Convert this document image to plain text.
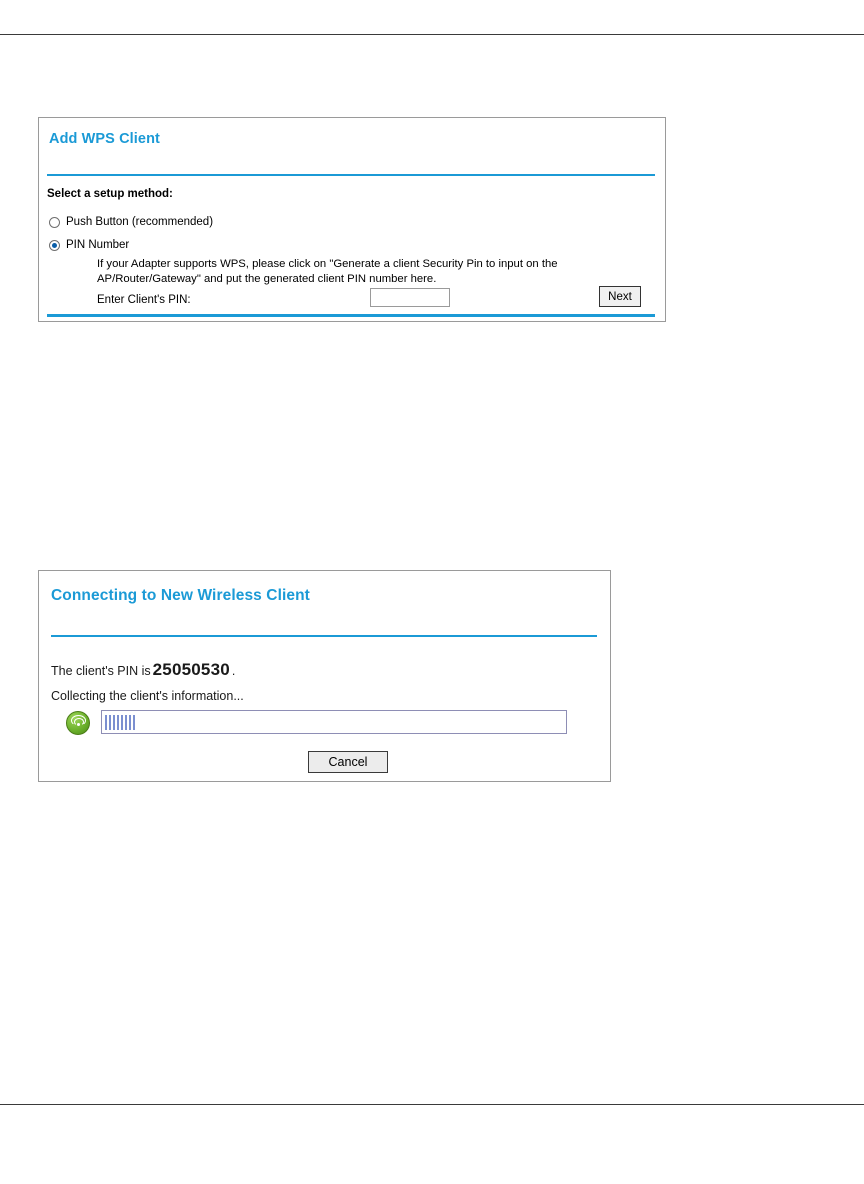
Add WPS Client
Select a setup method:
Push Button (recommended)
PIN Number
If your Adapter supports WPS, please click on "Generate a client Security Pin to input on the AP/Router/Gateway" and put the generated client PIN number here.
Enter Client's PIN:	Next
Connecting to New Wireless Client
The client's PIN is 25050530 .
Collecting the client's information...
Cancel
